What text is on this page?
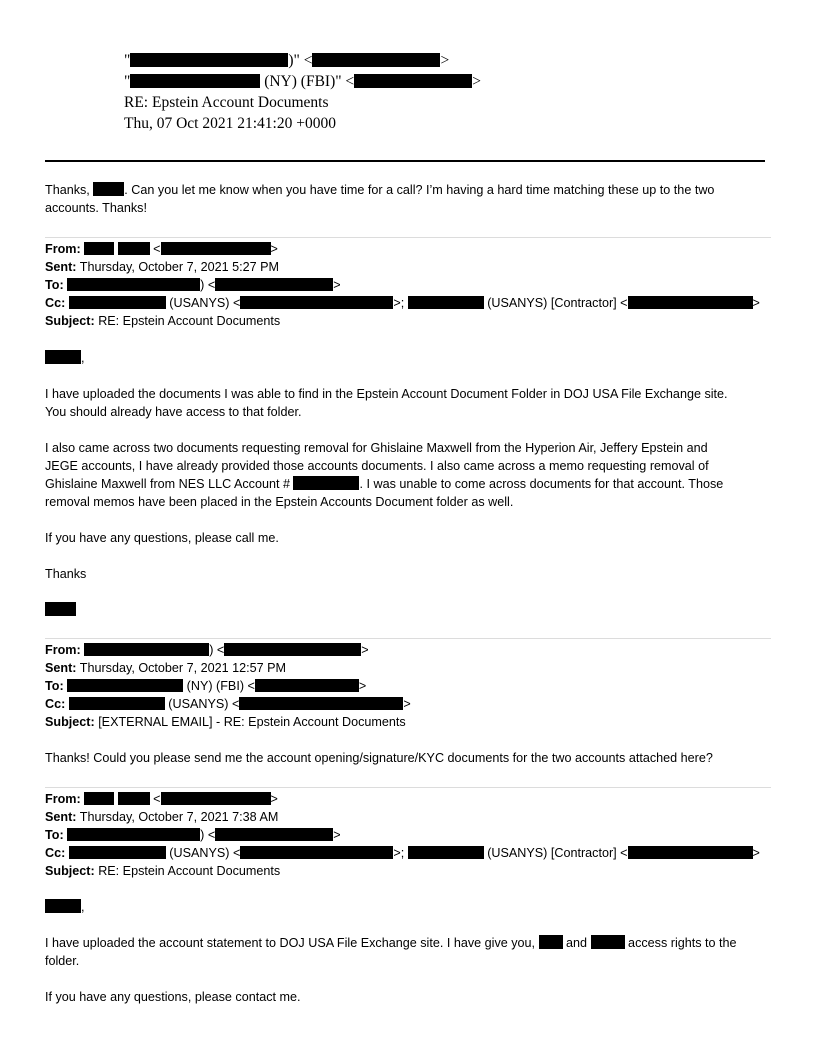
"	)" <	>
"	(NY) (FBI)" <	>
RE: Epstein Account Documents
Thu, 07 Oct 2021 21:41:20 +0000
Thanks, . Can you let me know when you have time for a call? I’m having a hard time matching these up to the two
accounts. Thanks!
From:	<	>
Sent: Thursday, October 7, 2021 5:27 PM
To:	) <	>
Cc:	(USANYS) <	>;	(USANYS) [Contractor] <	>
Subject: RE: Epstein Account Documents
,
I have uploaded the documents I was able to find in the Epstein Account Document Folder in DOJ USA File Exchange site.
You should already have access to that folder.
I also came across two documents requesting removal for Ghislaine Maxwell from the Hyperion Air, Jeffery Epstein and
JEGE accounts, I have already provided those accounts documents. I also came across a memo requesting removal of
Ghislaine Maxwell from NES LLC Account #	. I was unable to come across documents for that account. Those
removal memos have been placed in the Epstein Accounts Document folder as well.
If you have any questions, please call me.
Thanks
From:	) <	>
Sent: Thursday, October 7, 2021 12:57 PM
To:	(NY) (FBI) <	>
Cc:	(USANYS) <	>
Subject: [EXTERNAL EMAIL] - RE: Epstein Account Documents
Thanks! Could you please send me the account opening/signature/KYC documents for the two accounts attached here?
From:	<	>
Sent: Thursday, October 7, 2021 7:38 AM
To:	) <	>
Cc:	(USANYS) <	>;	(USANYS) [Contractor] <	>
Subject: RE: Epstein Account Documents
,
I have uploaded the account statement to DOJ USA File Exchange site. I have give you,  and	access rights to the
folder.
If you have any questions, please contact me.
